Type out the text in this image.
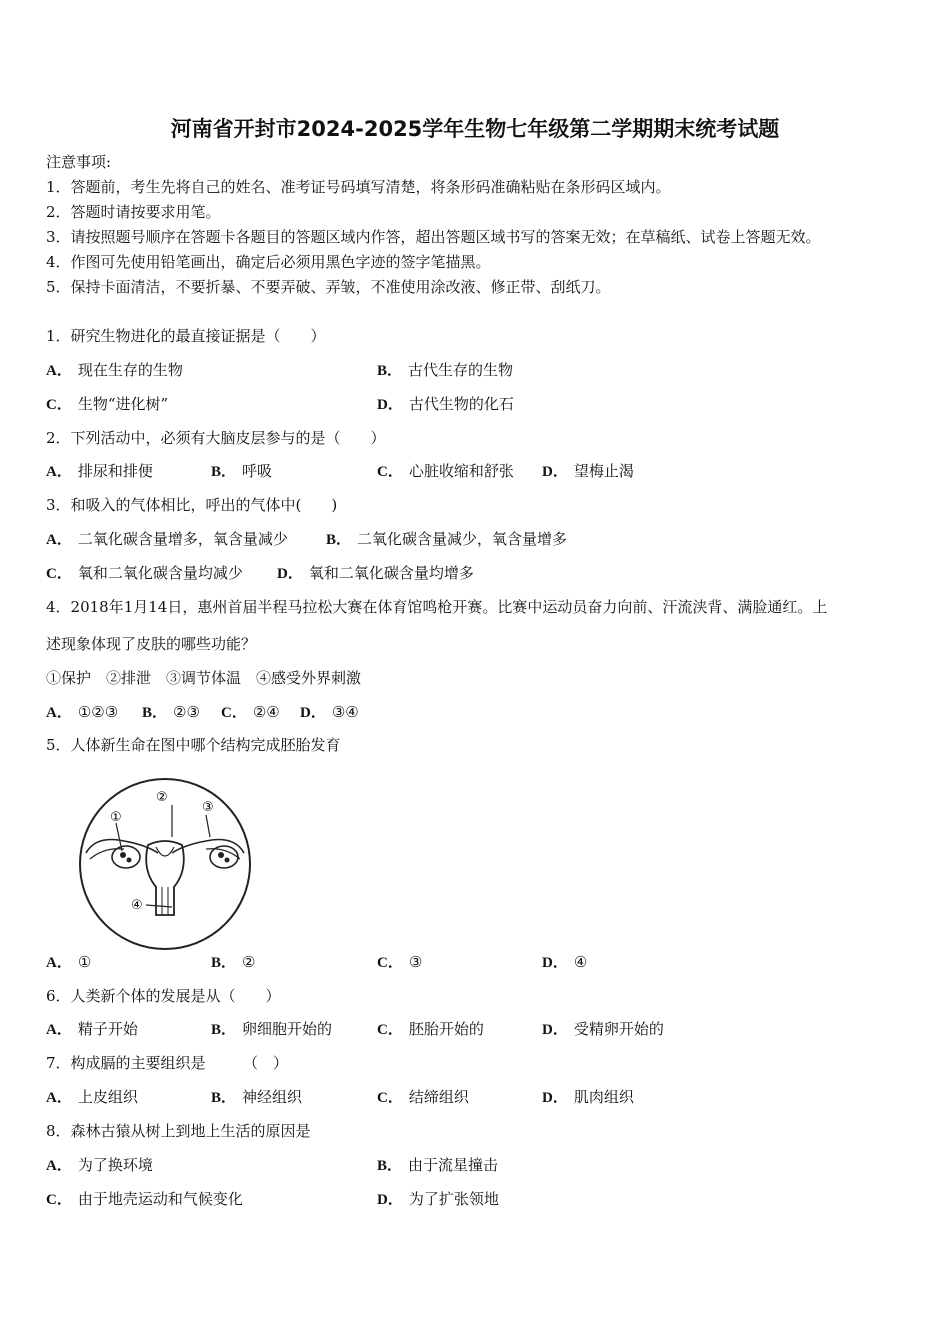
河南省开封市2024-2025学年生物七年级第二学期期末统考试题
注意事项:
1．答题前，考生先将自己的姓名、准考证号码填写清楚，将条形码准确粘贴在条形码区域内。
2．答题时请按要求用笔。
3．请按照题号顺序在答题卡各题目的答题区域内作答，超出答题区域书写的答案无效；在草稿纸、试卷上答题无效。
4．作图可先使用铅笔画出，确定后必须用黑色字迹的签字笔描黑。
5．保持卡面清洁，不要折暴、不要弄破、弄皱，不准使用涂改液、修正带、刮纸刀。
1．研究生物进化的最直接证据是（　　）
A． 现在生存的生物	B． 古代生存的生物
C． 生物“进化树”	D． 古代生物的化石
2．下列活动中，必须有大脑皮层参与的是（　　）
A． 排尿和排便	B． 呼吸	C． 心脏收缩和舒张 D． 望梅止渴
3．和吸入的气体相比，呼出的气体中(　　)
A． 二氧化碳含量增多，氧含量减少	B． 二氧化碳含量减少，氧含量增多
C． 氧和二氧化碳含量均减少 D． 氧和二氧化碳含量均增多
4．2018年1月14日，惠州首届半程马拉松大赛在体育馆鸣枪开赛。比赛中运动员奋力向前、汗流浃背、满脸通红。上
述现象体现了皮肤的哪些功能？
①保护　②排泄　③调节体温　④感受外界刺激
A． ①②③ B． ②③ C． ②④ D． ③④
5．人体新生命在图中哪个结构完成胚胎发育
①
②
③
④
A． ①	B． ②	C． ③	D． ④
6．人类新个体的发展是从（　　）
A． 精子开始	B． 卵细胞开始的	C． 胚胎开始的	D． 受精卵开始的
7．构成膈的主要组织是　　　（　）
A． 上皮组织	B． 神经组织	C． 结缔组织	D． 肌肉组织
8．森林古猿从树上到地上生活的原因是
A． 为了换环境	B． 由于流星撞击
C． 由于地壳运动和气候变化	D． 为了扩张领地
